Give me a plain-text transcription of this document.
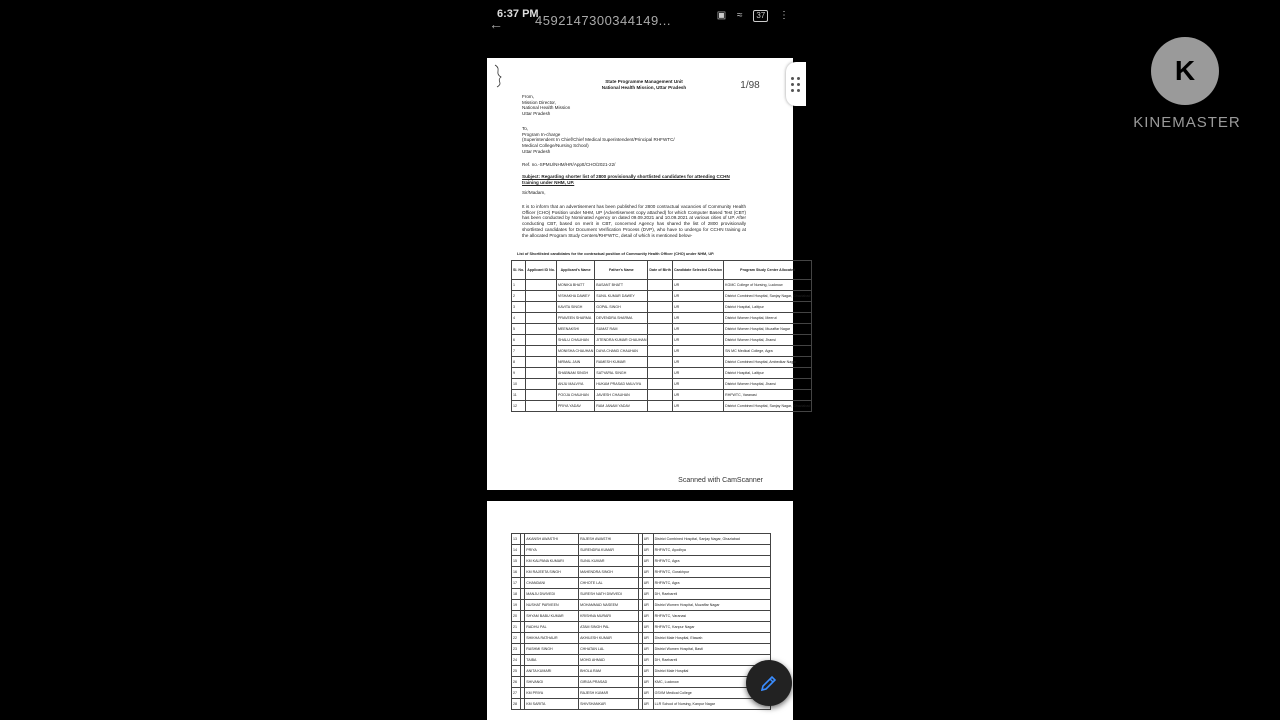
←
6:37 PM
4592147300344149...	▣ ≈ 37 ⋮
State Programme Management Unit
National Health Mission, Uttar Pradesh
From,
Mission Director,
National Health Mission
Uttar Pradesh
To,
Program In-charge
(Superintendent In Chief/Chief Medical Superintendent/Principal RHFWTC/
Medical College/Nursing School)
Uttar Pradesh
Ref. no.-SPMU/NHM/HR/Apptt/CHO/2021-22/
Subject: Regarding shorter list of 2800 provisionally shortlisted candidates for attending CCHN training under NHM, UP.
Sir/Madam,
It is to inform that an advertisement has been published for 2800 contractual vacancies of Community Health Officer (CHO) Position under NHM, UP (Advertisement copy attached) for which Computer Based Test (CBT) has been conducted by Nominated Agency on dated 09.09.2021 and 10.09.2021 at various cities of UP. After conducting CBT, based on merit in CBT, concerned Agency has shared the list of 2800 provisionally shortlisted candidates for Document Verification Process (DVP), who have to undergo for CCHN training at the allocated Program Study Centers/RHFWTC, detail of which is mentioned below-
List of Shortlisted candidates for the contractual position of Community Health Officer (CHO) under NHM, UP.
Sl. No.	Applicant ID No.	Applicant's Name	Father's Name	Date of Birth	Candidate Selected Division	Program Study Center Allocated
1		MONIKA BHATT	BASANT BHATT		UR	KGMC College of Nursing, Lucknow
2		VISHAKHA DAWEY	SUNIL KUMAR DAWEY		UR	District Combined Hospital, Sanjay Nagar, Ghaziabad
3		KAVITA SINGH	GOPAL SINGH		UR	District Hospital, Lalitpur
4		PRAVEEN SHARMA	DEVENDRA SHARMA		UR	District Women Hospital, Meerut
5		MEENAKSHI	SUMAT RAM		UR	District Women Hospital, Muzaffar Nagar
6		SHALU CHAUHAN	JITENDRA KUMAR CHAUHAN		UR	District Women Hospital, Jhansi
7		MONISHA CHAUHAN	DAYA CHAND CHAUHAN		UR	SN MC Medical College, Agra
8		NIRMAL JAIN	RAMESH KUMAR		UR	District Combined Hospital, Ambedkar Nagar
9		SHABNAM SINGH	SATYAPAL SINGH		UR	District Hospital, Lalitpur
10		ANJU MALVIYA	HUKAM PRASAD MALVIYA		UR	District Women Hospital, Jhansi
11		POOJA CHAUHAN	JAVIESH CHAUHAN		UR	RHFWTC, Varanasi
12		PRIYA YADAV	RAM JANAM YADAV		UR	District Combined Hospital, Sanjay Nagar, Ghaziabad
Scanned with CamScanner
1/98
13		AKANSH AWASTHI	RAJESH AWASTHI		UR	District Combined Hospital, Sanjay Nagar, Ghaziabad
14		PRIYA	SURENDRA KUMAR		UR	RHFWTC, Ayodhya
15		KM KALPANA KUMARI	SUNIL KUMAR		UR	RHFWTC, Agra
16		KM RAJEETA SINGH	MAHENDRA SINGH		UR	RHFWTC, Gorakhpur
17		CHANDANI	CHHOTE LAL		UR	RHFWTC, Agra
18		MANJU DWIVEDI	SURESH NATH DWIVEDI		UR	DH, Raebareli
19		NUSHAT PARVEEN	MOHAMMAD NASEEM		UR	District Women Hospital, Muzaffar Nagar
20		SHYAM BABU KUMAR	KRISHNA MURARI		UR	RHFWTC, Varanasi
21		RADHU PAL	ATAM SINGH PAL		UR	RHFWTC, Kanpur Nagar
22		SHIKHA RATHAUR	AKHILESH KUMAR		UR	District Male Hospital, Etawah
23		RASHMI SINGH	CHHATAN LAL		UR	District Women Hospital, Basti
24		TAIBA	MOHD AHMAD		UR	DH, Raebareli
25		ANITA KUMARI	BHOLA RAM		UR	District Male Hospital
26		SHIVANGI	GIRIJA PRASAD		UR	KMC, Lucknow
27		KM PRIYA	RAJESH KUMAR		UR	GSVM Medical College
28		KM SARITA	SHIVSHANKAR		UR	LLR School of Nursing, Kanpur Nagar
K
KINEMASTER
